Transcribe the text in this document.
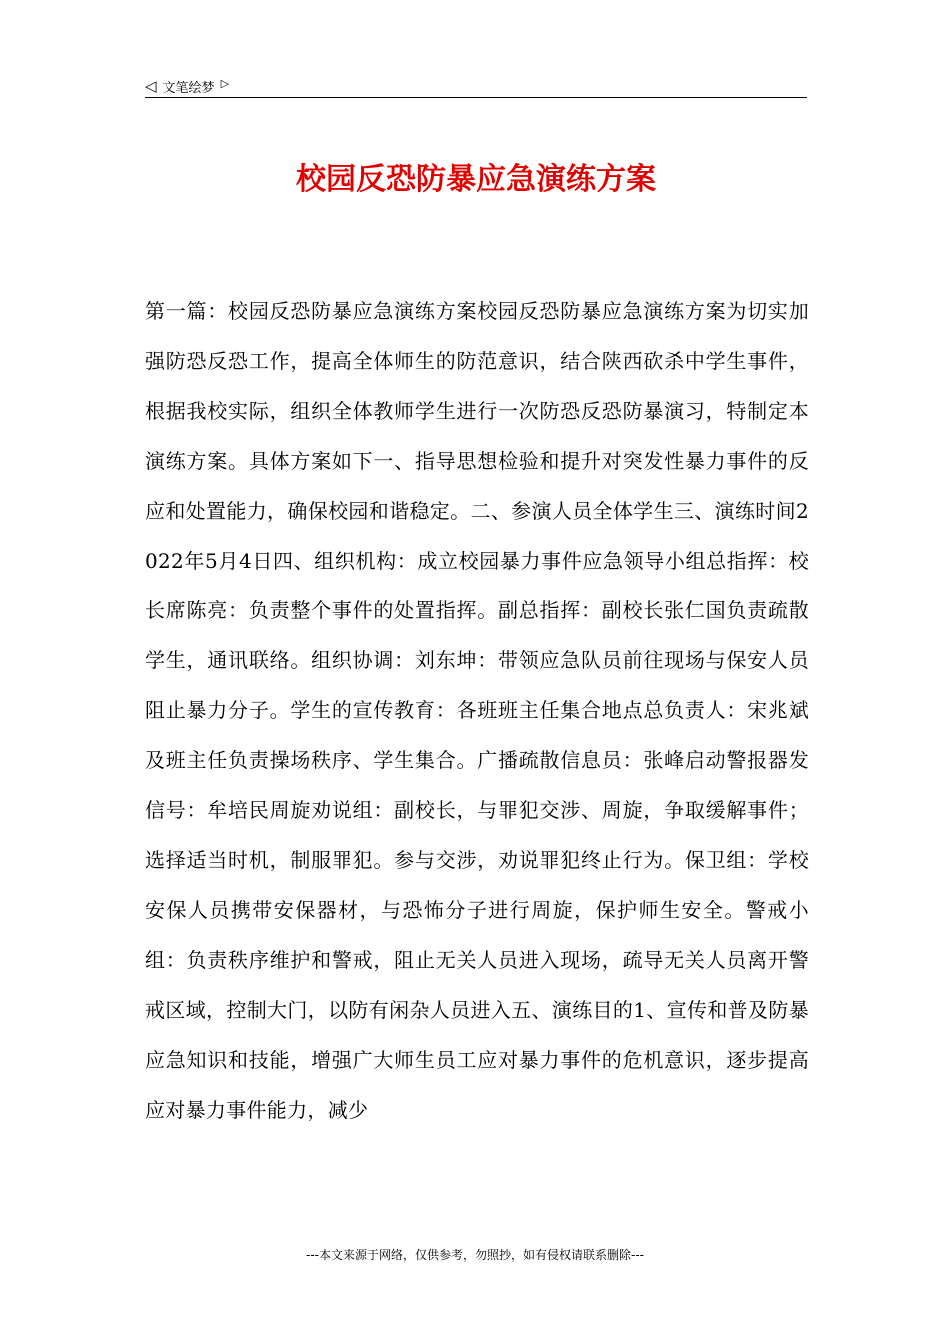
◁ 文笔绘梦 ▷
校园反恐防暴应急演练方案

第一篇：校园反恐防暴应急演练方案校园反恐防暴应急演练方案为切实加强防恐反恐工作，提高全体师生的防范意识，结合陕西砍杀中学生事件，根据我校实际，组织全体教师学生进行一次防恐反恐防暴演习，特制定本演练方案。具体方案如下一、指导思想检验和提升对突发性暴力事件的反应和处置能力，确保校园和谐稳定。二、参演人员全体学生三、演练时间2022年5月4日四、组织机构：成立校园暴力事件应急领导小组总指挥：校长席陈亮：负责整个事件的处置指挥。副总指挥：副校长张仁国负责疏散学生，通讯联络。组织协调：刘东坤：带领应急队员前往现场与保安人员阻止暴力分子。学生的宣传教育：各班班主任集合地点总负责人：宋兆斌及班主任负责操场秩序、学生集合。广播疏散信息员：张峰启动警报器发信号：牟培民周旋劝说组：副校长，与罪犯交涉、周旋，争取缓解事件；选择适当时机，制服罪犯。参与交涉，劝说罪犯终止行为。保卫组：学校安保人员携带安保器材，与恐怖分子进行周旋，保护师生安全。警戒小组：负责秩序维护和警戒，阻止无关人员进入现场，疏导无关人员离开警戒区域，控制大门，以防有闲杂人员进入五、演练目的1、宣传和普及防暴应急知识和技能，增强广大师生员工应对暴力事件的危机意识，逐步提高应对暴力事件能力，减少

---本文来源于网络，仅供参考，勿照抄，如有侵权请联系删除---
